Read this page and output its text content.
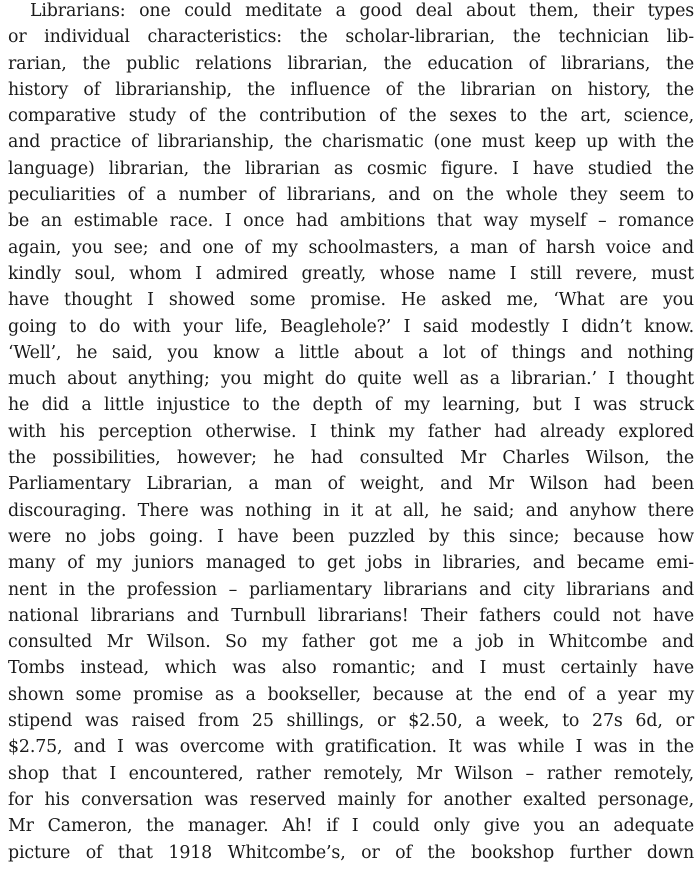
Librarians: one could meditate a good deal about them, their types
or individual characteristics: the scholar-librarian, the technician lib-
rarian, the public relations librarian, the education of librarians, the
history of librarianship, the influence of the librarian on history, the
comparative study of the contribution of the sexes to the art, science,
and practice of librarianship, the charismatic (one must keep up with the
language) librarian, the librarian as cosmic figure. I have studied the
peculiarities of a number of librarians, and on the whole they seem to
be an estimable race. I once had ambitions that way myself – romance
again, you see; and one of my schoolmasters, a man of harsh voice and
kindly soul, whom I admired greatly, whose name I still revere, must
have thought I showed some promise. He asked me, ‘What are you
going to do with your life, Beaglehole?’ I said modestly I didn’t know.
‘Well’, he said, you know a little about a lot of things and nothing
much about anything; you might do quite well as a librarian.’ I thought
he did a little injustice to the depth of my learning, but I was struck
with his perception otherwise. I think my father had already explored
the possibilities, however; he had consulted Mr Charles Wilson, the
Parliamentary Librarian, a man of weight, and Mr Wilson had been
discouraging. There was nothing in it at all, he said; and anyhow there
were no jobs going. I have been puzzled by this since; because how
many of my juniors managed to get jobs in libraries, and became emi-
nent in the profession – parliamentary librarians and city librarians and
national librarians and Turnbull librarians! Their fathers could not have
consulted Mr Wilson. So my father got me a job in Whitcombe and
Tombs instead, which was also romantic; and I must certainly have
shown some promise as a bookseller, because at the end of a year my
stipend was raised from 25 shillings, or $2.50, a week, to 27s 6d, or
$2.75, and I was overcome with gratification. It was while I was in the
shop that I encountered, rather remotely, Mr Wilson – rather remotely,
for his conversation was reserved mainly for another exalted personage,
Mr Cameron, the manager. Ah! if I could only give you an adequate
picture of that 1918 Whitcombe’s, or of the bookshop further down
